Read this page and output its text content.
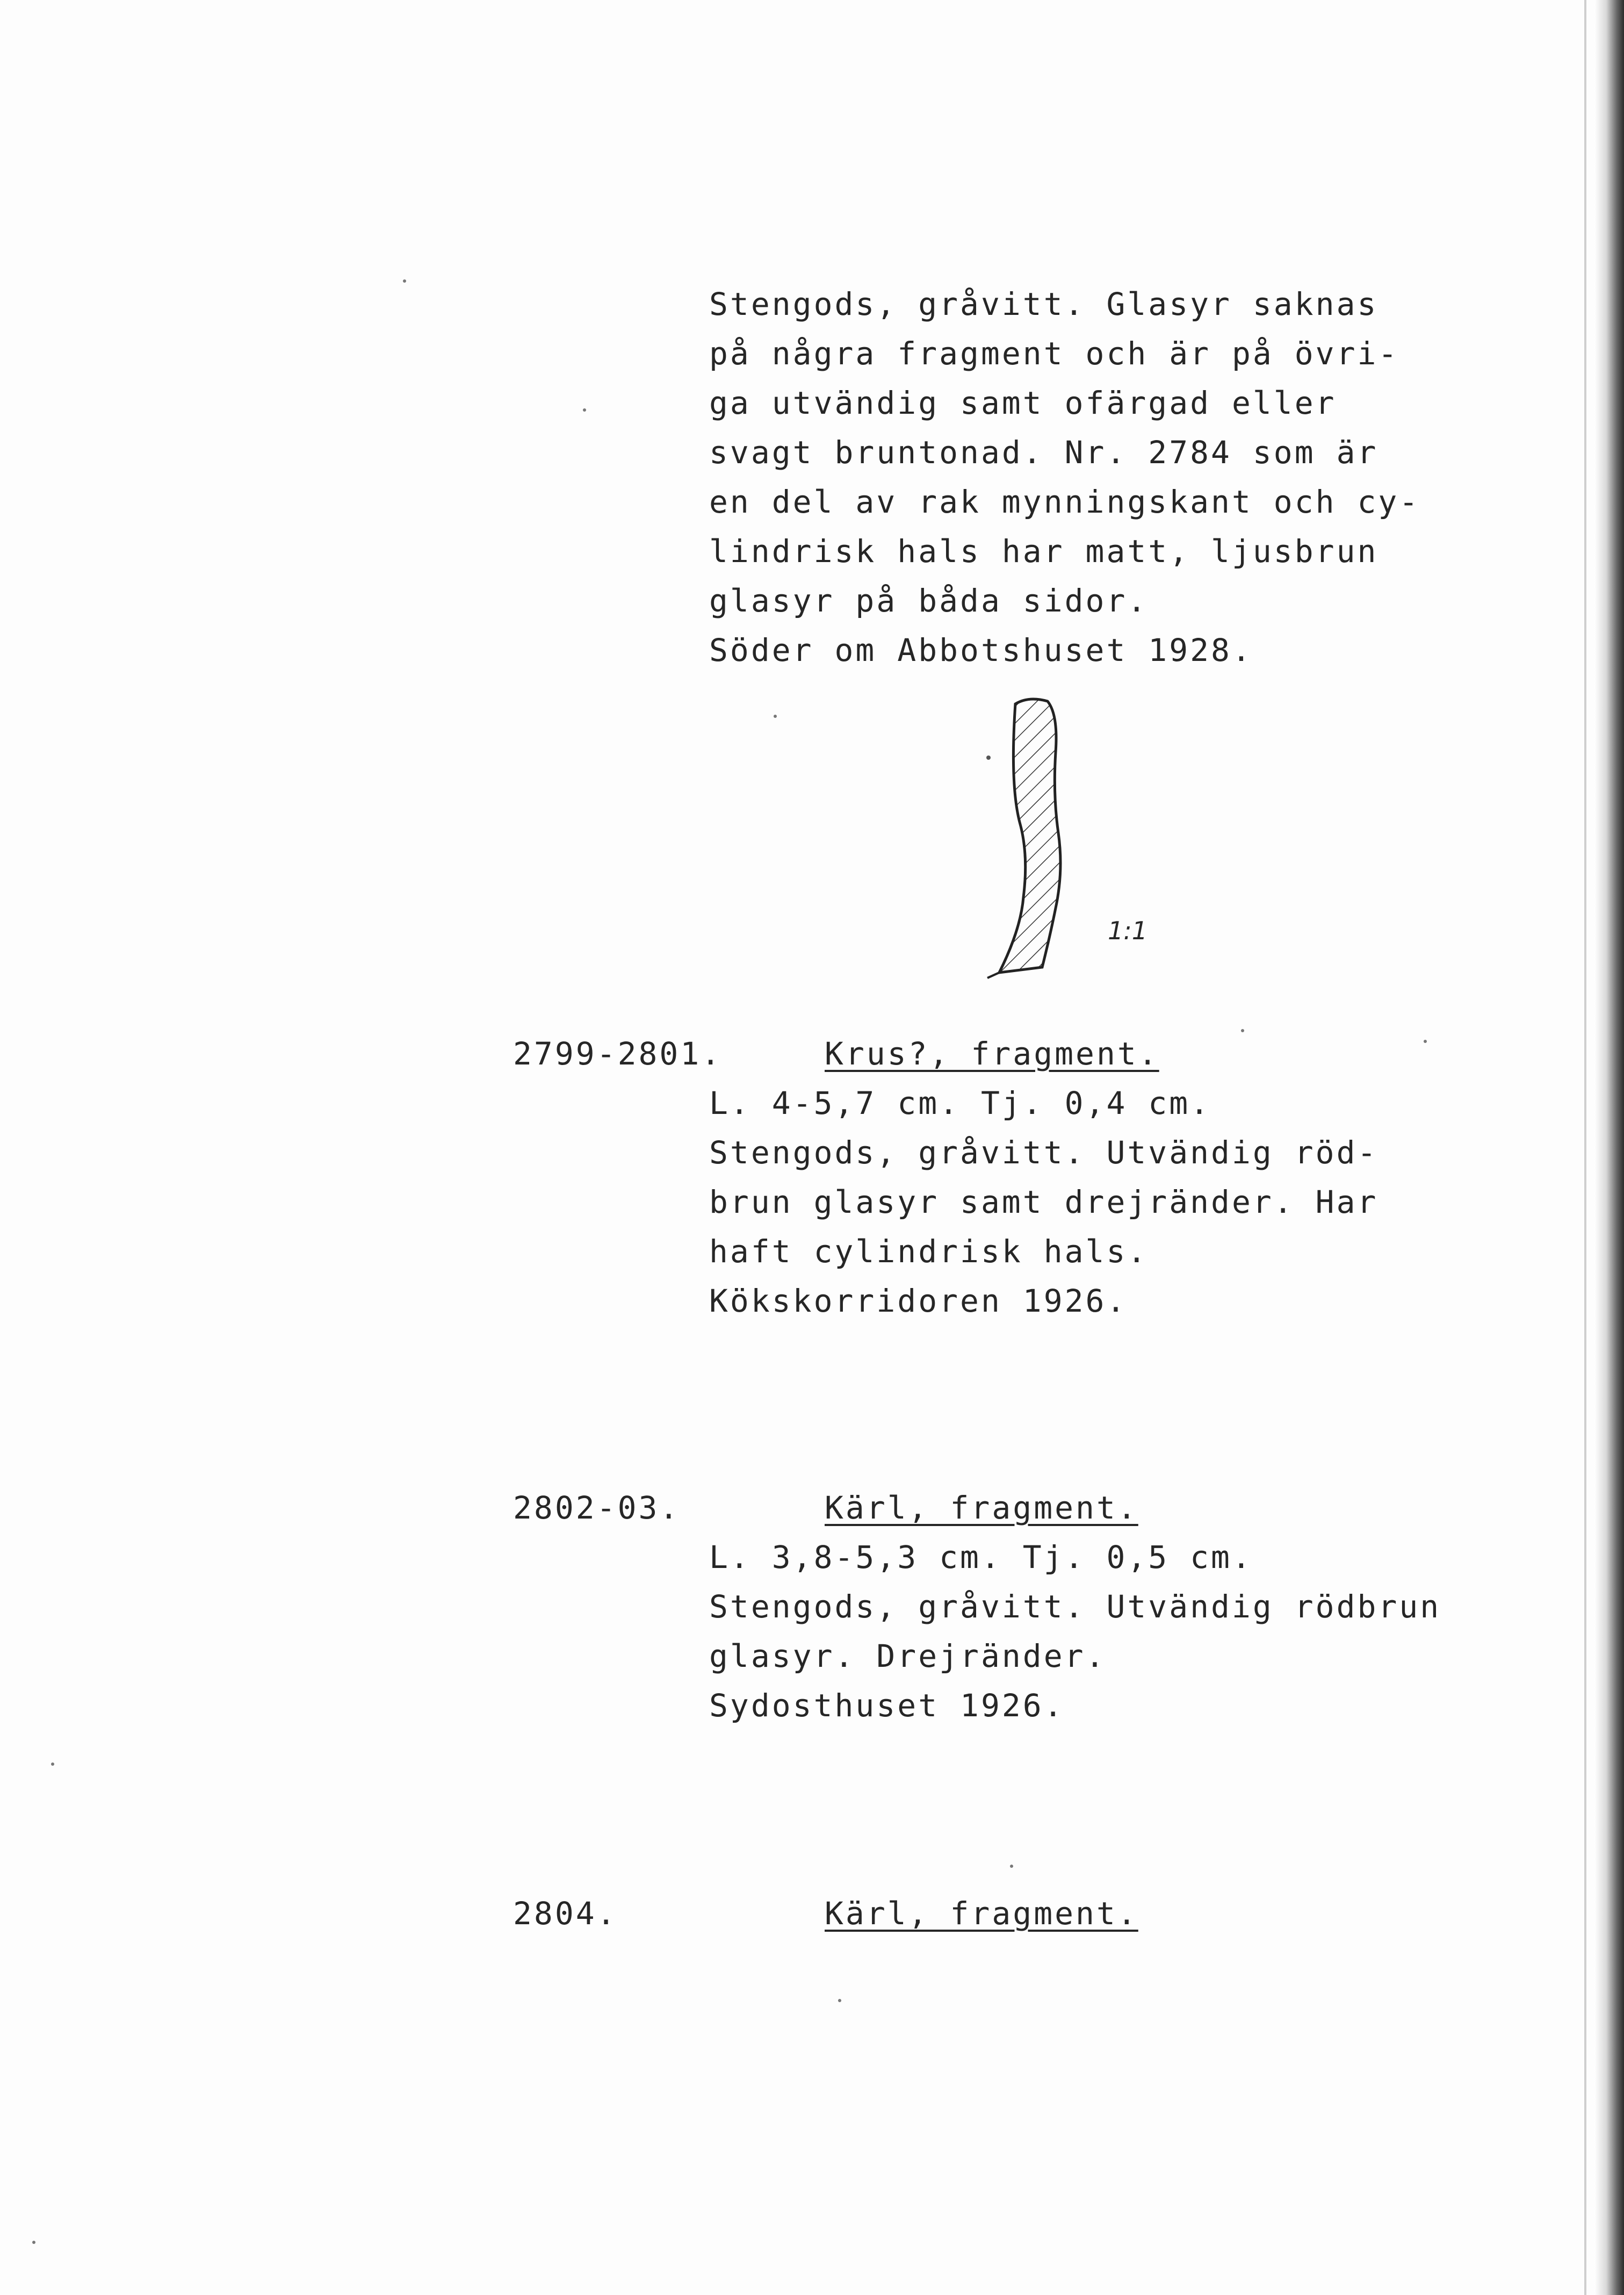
Stengods, gråvitt. Glasyr saknas
på några fragment och är på övri-
ga utvändig samt ofärgad eller
svagt bruntonad. Nr. 2784 som är
en del av rak mynningskant och cy-
lindrisk hals har matt, ljusbrun
glasyr på båda sidor.
Söder om Abbotshuset 1928.
1:1
2799-2801.	Krus?, fragment.
L. 4-5,7 cm. Tj. 0,4 cm.
Stengods, gråvitt. Utvändig röd-
brun glasyr samt drejränder. Har
haft cylindrisk hals.
Kökskorridoren 1926.
2802-03.	Kärl, fragment.
L. 3,8-5,3 cm. Tj. 0,5 cm.
Stengods, gråvitt. Utvändig rödbrun
glasyr. Drejränder.
Sydosthuset 1926.
2804.	Kärl, fragment.
